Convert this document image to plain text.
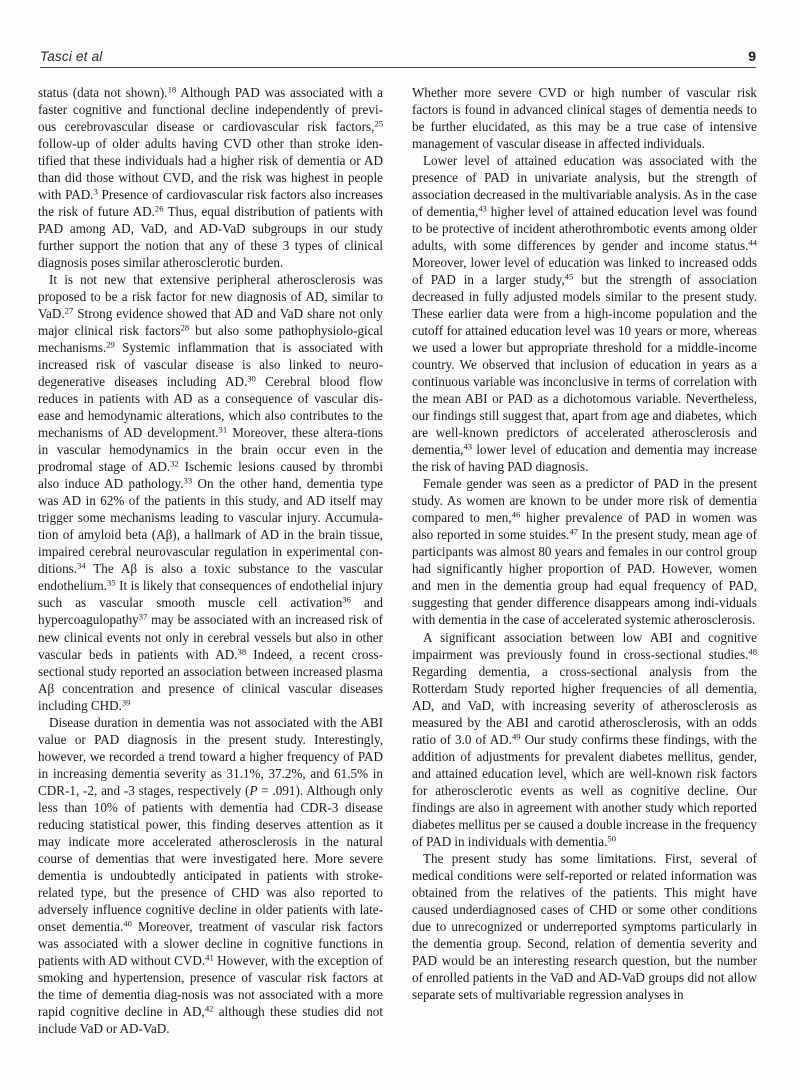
Tasci et al	9

status (data not shown).$^{18}$ Although PAD was associated with a faster cognitive and functional decline independently of previ-ous cerebrovascular disease or cardiovascular risk factors,$^{25}$ follow-up of older adults having CVD other than stroke iden-tified that these individuals had a higher risk of dementia or AD than did those without CVD, and the risk was highest in people with PAD.$^3$ Presence of cardiovascular risk factors also increases the risk of future AD.$^{26}$ Thus, equal distribution of patients with PAD among AD, VaD, and AD-VaD subgroups in our study further support the notion that any of these 3 types of clinical diagnosis poses similar atherosclerotic burden.

It is not new that extensive peripheral atherosclerosis was proposed to be a risk factor for new diagnosis of AD, similar to VaD.$^{27}$ Strong evidence showed that AD and VaD share not only major clinical risk factors$^{28}$ but also some pathophysiolo-gical mechanisms.$^{29}$ Systemic inflammation that is associated with increased risk of vascular disease is also linked to neuro-degenerative diseases including AD.$^{30}$ Cerebral blood flow reduces in patients with AD as a consequence of vascular dis-ease and hemodynamic alterations, which also contributes to the mechanisms of AD development.$^{31}$ Moreover, these altera-tions in vascular hemodynamics in the brain occur even in the prodromal stage of AD.$^{32}$ Ischemic lesions caused by thrombi also induce AD pathology.$^{33}$ On the other hand, dementia type was AD in 62% of the patients in this study, and AD itself may trigger some mechanisms leading to vascular injury. Accumula-tion of amyloid beta (Aβ), a hallmark of AD in the brain tissue, impaired cerebral neurovascular regulation in experimental con-ditions.$^{34}$ The Aβ is also a toxic substance to the vascular endothelium.$^{35}$ It is likely that consequences of endothelial injury such as vascular smooth muscle cell activation$^{36}$ and hypercoagulopathy$^{37}$ may be associated with an increased risk of new clinical events not only in cerebral vessels but also in other vascular beds in patients with AD.$^{38}$ Indeed, a recent cross-sectional study reported an association between increased plasma Aβ concentration and presence of clinical vascular diseases including CHD.$^{39}$

Disease duration in dementia was not associated with the ABI value or PAD diagnosis in the present study. Interestingly, however, we recorded a trend toward a higher frequency of PAD in increasing dementia severity as 31.1%, 37.2%, and 61.5% in CDR-1, -2, and -3 stages, respectively (P = .091). Although only less than 10% of patients with dementia had CDR-3 disease reducing statistical power, this finding deserves attention as it may indicate more accelerated atherosclerosis in the natural course of dementias that were investigated here. More severe dementia is undoubtedly anticipated in patients with stroke-related type, but the presence of CHD was also reported to adversely influence cognitive decline in older patients with late-onset dementia.$^{40}$ Moreover, treatment of vascular risk factors was associated with a slower decline in cognitive functions in patients with AD without CVD.$^{41}$ However, with the exception of smoking and hypertension, presence of vascular risk factors at the time of dementia diag-nosis was not associated with a more rapid cognitive decline in AD,$^{42}$ although these studies did not include VaD or AD-VaD.

Whether more severe CVD or high number of vascular risk factors is found in advanced clinical stages of dementia needs to be further elucidated, as this may be a true case of intensive management of vascular disease in affected individuals.

Lower level of attained education was associated with the presence of PAD in univariate analysis, but the strength of association decreased in the multivariable analysis. As in the case of dementia,$^{43}$ higher level of attained education level was found to be protective of incident atherothrombotic events among older adults, with some differences by gender and income status.$^{44}$ Moreover, lower level of education was linked to increased odds of PAD in a larger study,$^{45}$ but the strength of association decreased in fully adjusted models similar to the present study. These earlier data were from a high-income population and the cutoff for attained education level was 10 years or more, whereas we used a lower but appropriate threshold for a middle-income country. We observed that inclusion of education in years as a continuous variable was inconclusive in terms of correlation with the mean ABI or PAD as a dichotomous variable. Nevertheless, our findings still suggest that, apart from age and diabetes, which are well-known predictors of accelerated atherosclerosis and dementia,$^{43}$ lower level of education and dementia may increase the risk of having PAD diagnosis.

Female gender was seen as a predictor of PAD in the present study. As women are known to be under more risk of dementia compared to men,$^{46}$ higher prevalence of PAD in women was also reported in some stuides.$^{47}$ In the present study, mean age of participants was almost 80 years and females in our control group had significantly higher proportion of PAD. However, women and men in the dementia group had equal frequency of PAD, suggesting that gender difference disappears among indi-viduals with dementia in the case of accelerated systemic atherosclerosis.

A significant association between low ABI and cognitive impairment was previously found in cross-sectional studies.$^{48}$ Regarding dementia, a cross-sectional analysis from the Rotterdam Study reported higher frequencies of all dementia, AD, and VaD, with increasing severity of atherosclerosis as measured by the ABI and carotid atherosclerosis, with an odds ratio of 3.0 of AD.$^{49}$ Our study confirms these findings, with the addition of adjustments for prevalent diabetes mellitus, gender, and attained education level, which are well-known risk factors for atherosclerotic events as well as cognitive decline. Our findings are also in agreement with another study which reported diabetes mellitus per se caused a double increase in the frequency of PAD in individuals with dementia.$^{50}$

The present study has some limitations. First, several of medical conditions were self-reported or related information was obtained from the relatives of the patients. This might have caused underdiagnosed cases of CHD or some other conditions due to unrecognized or underreported symptoms particularly in the dementia group. Second, relation of dementia severity and PAD would be an interesting research question, but the number of enrolled patients in the VaD and AD-VaD groups did not allow separate sets of multivariable regression analyses in
